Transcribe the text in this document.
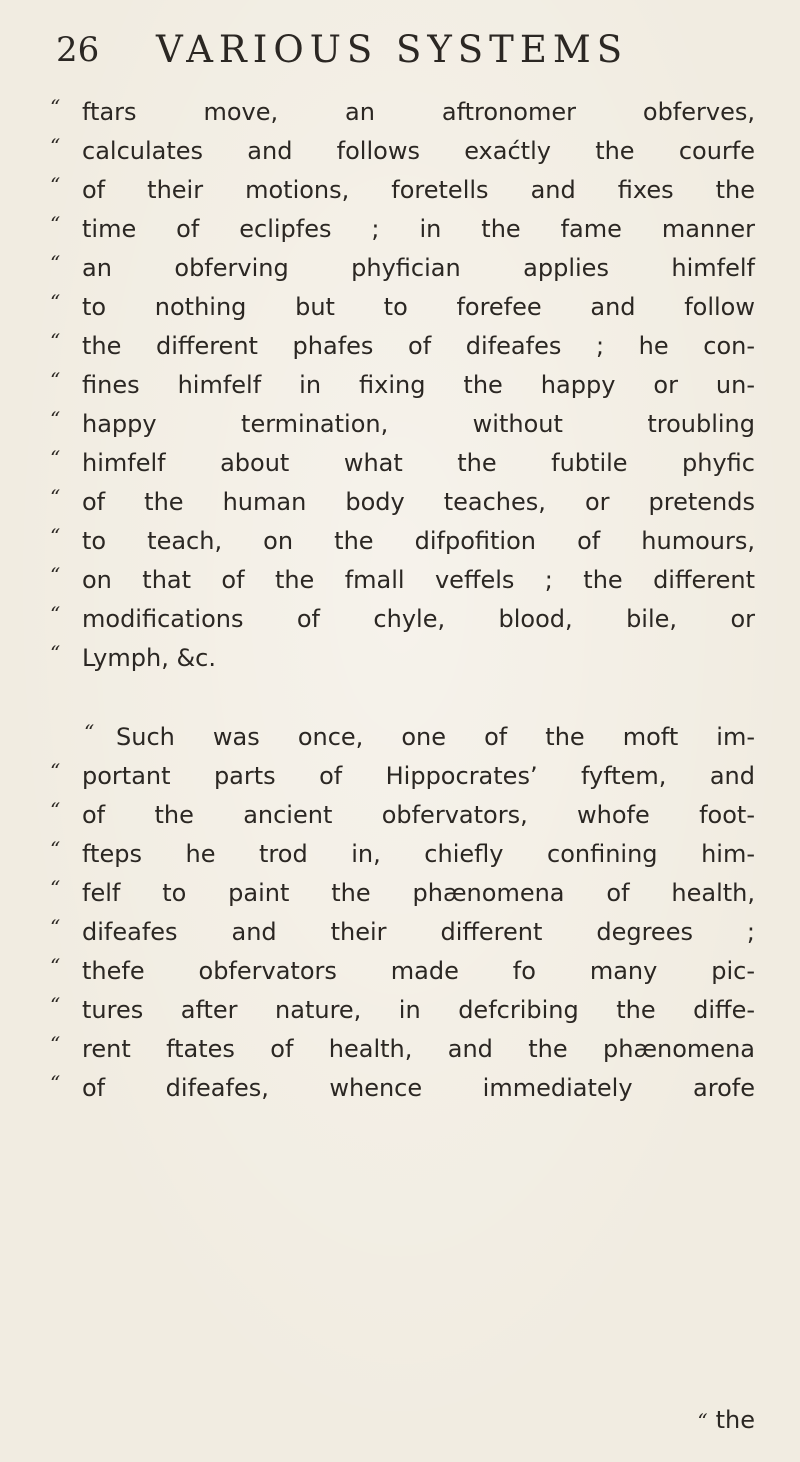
26 VARIOUS SYSTEMS
“ ftars move, an aftronomer obferves,
“ calculates and follows exaćtly the courfe
“ of their motions, foretells and fixes the
“ time of eclipfes ; in the fame manner
“ an obferving phyfician applies himfelf
“ to nothing but to forefee and follow
“ the different phafes of difeafes ; he con-
“ fines himfelf in fixing the happy or un-
“ happy termination, without troubling
“ himfelf about what the fubtile phyfic
“ of the human body teaches, or pretends
“ to teach, on the difpofition of humours,
“ on that of the fmall veffels ; the different
“ modifications of chyle, blood, bile, or
“ Lymph, &c.
“ Such was once, one of the moft im-
“ portant parts of Hippocrates’ fyftem, and
“ of the ancient obfervators, whofe foot-
“ fteps he trod in, chiefly confining him-
“ felf to paint the phænomena of health,
“ difeafes and their different degrees ;
“ thefe obfervators made fo many pic-
“ tures after nature, in defcribing the diffe-
“ rent ftates of health, and the phænomena
“ of difeafes, whence immediately arofe
“ the
